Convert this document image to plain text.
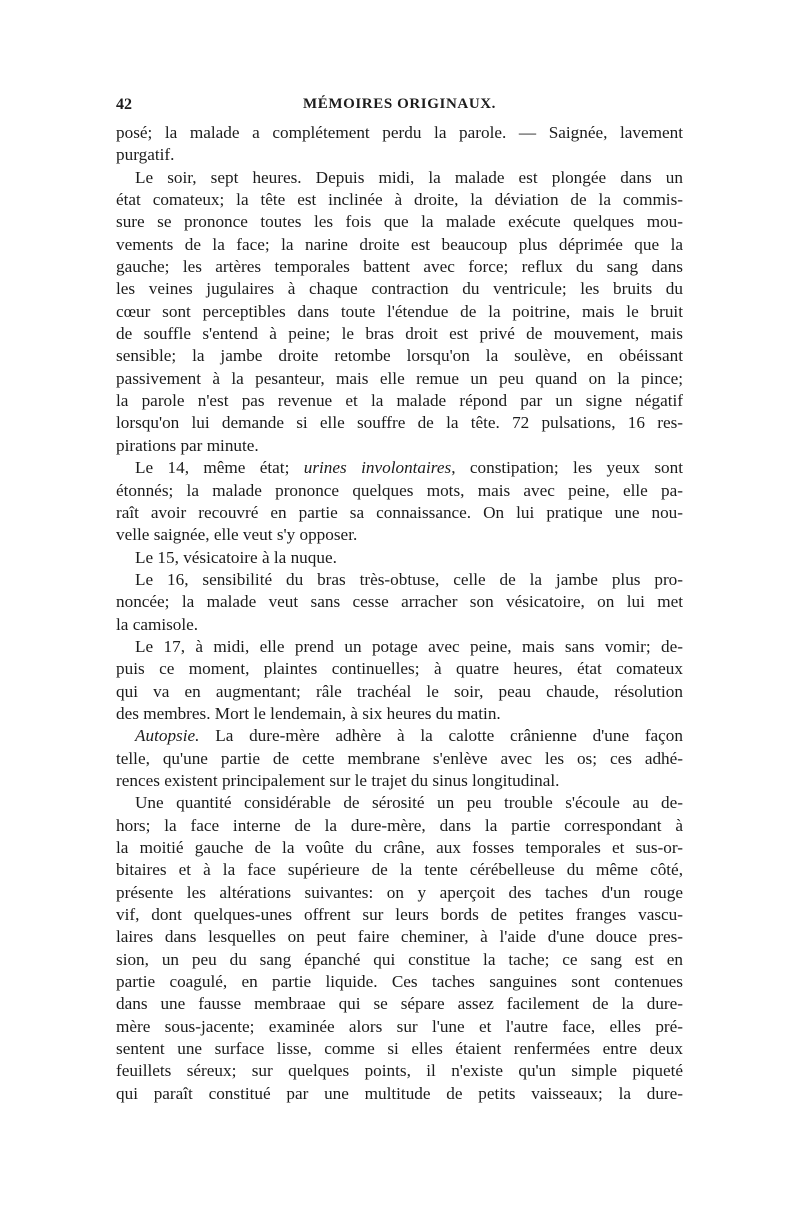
42	MÉMOIRES ORIGINAUX.

posé; la malade a complétement perdu la parole. — Saignée, lavement
purgatif.

Le soir, sept heures. Depuis midi, la malade est plongée dans un
état comateux; la tête est inclinée à droite, la déviation de la commis-
sure se prononce toutes les fois que la malade exécute quelques mou-
vements de la face; la narine droite est beaucoup plus déprimée que la
gauche; les artères temporales battent avec force; reflux du sang dans
les veines jugulaires à chaque contraction du ventricule; les bruits du
cœur sont perceptibles dans toute l'étendue de la poitrine, mais le bruit
de souffle s'entend à peine; le bras droit est privé de mouvement, mais
sensible; la jambe droite retombe lorsqu'on la soulève, en obéissant
passivement à la pesanteur, mais elle remue un peu quand on la pince;
la parole n'est pas revenue et la malade répond par un signe négatif
lorsqu'on lui demande si elle souffre de la tête. 72 pulsations, 16 res-
pirations par minute.

Le 14, même état; urines involontaires, constipation; les yeux sont
étonnés; la malade prononce quelques mots, mais avec peine, elle pa-
raît avoir recouvré en partie sa connaissance. On lui pratique une nou-
velle saignée, elle veut s'y opposer.

Le 15, vésicatoire à la nuque.

Le 16, sensibilité du bras très-obtuse, celle de la jambe plus pro-
noncée; la malade veut sans cesse arracher son vésicatoire, on lui met
la camisole.

Le 17, à midi, elle prend un potage avec peine, mais sans vomir; de-
puis ce moment, plaintes continuelles; à quatre heures, état comateux
qui va en augmentant; râle trachéal le soir, peau chaude, résolution
des membres. Mort le lendemain, à six heures du matin.

Autopsie. La dure-mère adhère à la calotte crânienne d'une façon
telle, qu'une partie de cette membrane s'enlève avec les os; ces adhé-
rences existent principalement sur le trajet du sinus longitudinal.

Une quantité considérable de sérosité un peu trouble s'écoule au de-
hors; la face interne de la dure-mère, dans la partie correspondant à
la moitié gauche de la voûte du crâne, aux fosses temporales et sus-or-
bitaires et à la face supérieure de la tente cérébelleuse du même côté,
présente les altérations suivantes: on y aperçoit des taches d'un rouge
vif, dont quelques-unes offrent sur leurs bords de petites franges vascu-
laires dans lesquelles on peut faire cheminer, à l'aide d'une douce pres-
sion, un peu du sang épanché qui constitue la tache; ce sang est en
partie coagulé, en partie liquide. Ces taches sanguines sont contenues
dans une fausse membraae qui se sépare assez facilement de la dure-
mère sous-jacente; examinée alors sur l'une et l'autre face, elles pré-
sentent une surface lisse, comme si elles étaient renfermées entre deux
feuillets séreux; sur quelques points, il n'existe qu'un simple piqueté
qui paraît constitué par une multitude de petits vaisseaux; la dure-
